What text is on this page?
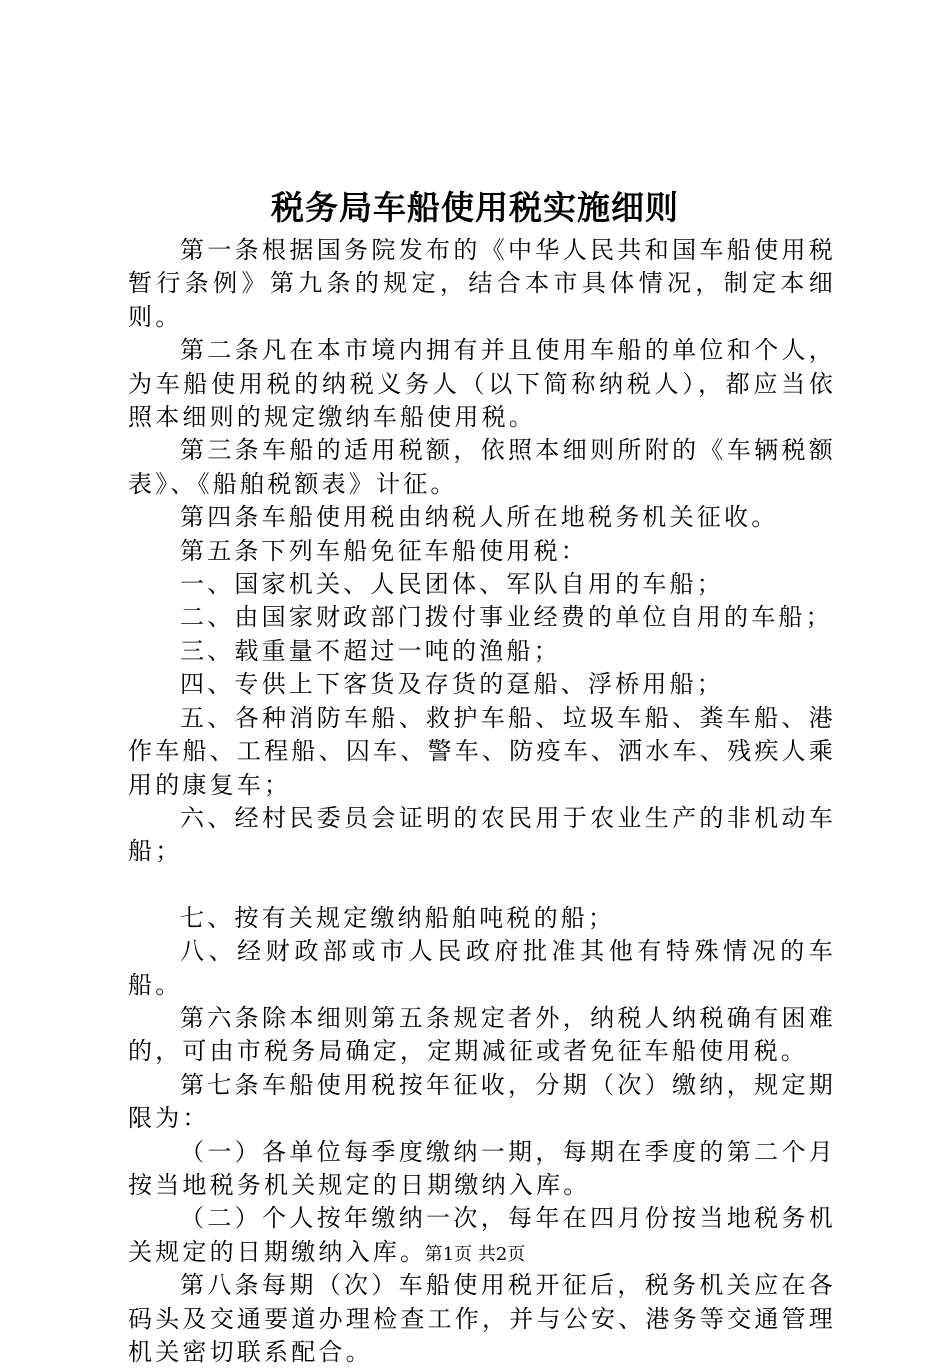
税务局车船使用税实施细则

第一条根据国务院发布的《中华人民共和国车船使用税暂行条例》第九条的规定，结合本市具体情况，制定本细则。

第二条凡在本市境内拥有并且使用车船的单位和个人，为车船使用税的纳税义务人（以下简称纳税人），都应当依照本细则的规定缴纳车船使用税。

第三条车船的适用税额，依照本细则所附的《车辆税额表》、《船舶税额表》计征。

第四条车船使用税由纳税人所在地税务机关征收。

第五条下列车船免征车船使用税：

一、国家机关、人民团体、军队自用的车船；

二、由国家财政部门拨付事业经费的单位自用的车船；

三、载重量不超过一吨的渔船；

四、专供上下客货及存货的趸船、浮桥用船；

五、各种消防车船、救护车船、垃圾车船、粪车船、港作车船、工程船、囚车、警车、防疫车、洒水车、残疾人乘用的康复车；

六、经村民委员会证明的农民用于农业生产的非机动车船；

七、按有关规定缴纳船舶吨税的船；

八、经财政部或市人民政府批准其他有特殊情况的车船。

第六条除本细则第五条规定者外，纳税人纳税确有困难的，可由市税务局确定，定期减征或者免征车船使用税。

第七条车船使用税按年征收，分期（次）缴纳，规定期限为：

（一）各单位每季度缴纳一期，每期在季度的第二个月按当地税务机关规定的日期缴纳入库。

（二）个人按年缴纳一次，每年在四月份按当地税务机关规定的日期缴纳入库。

第八条每期（次）车船使用税开征后，税务机关应在各码头及交通要道办理检查工作，并与公安、港务等交通管理机关密切联系配合。

第1页 共2页
